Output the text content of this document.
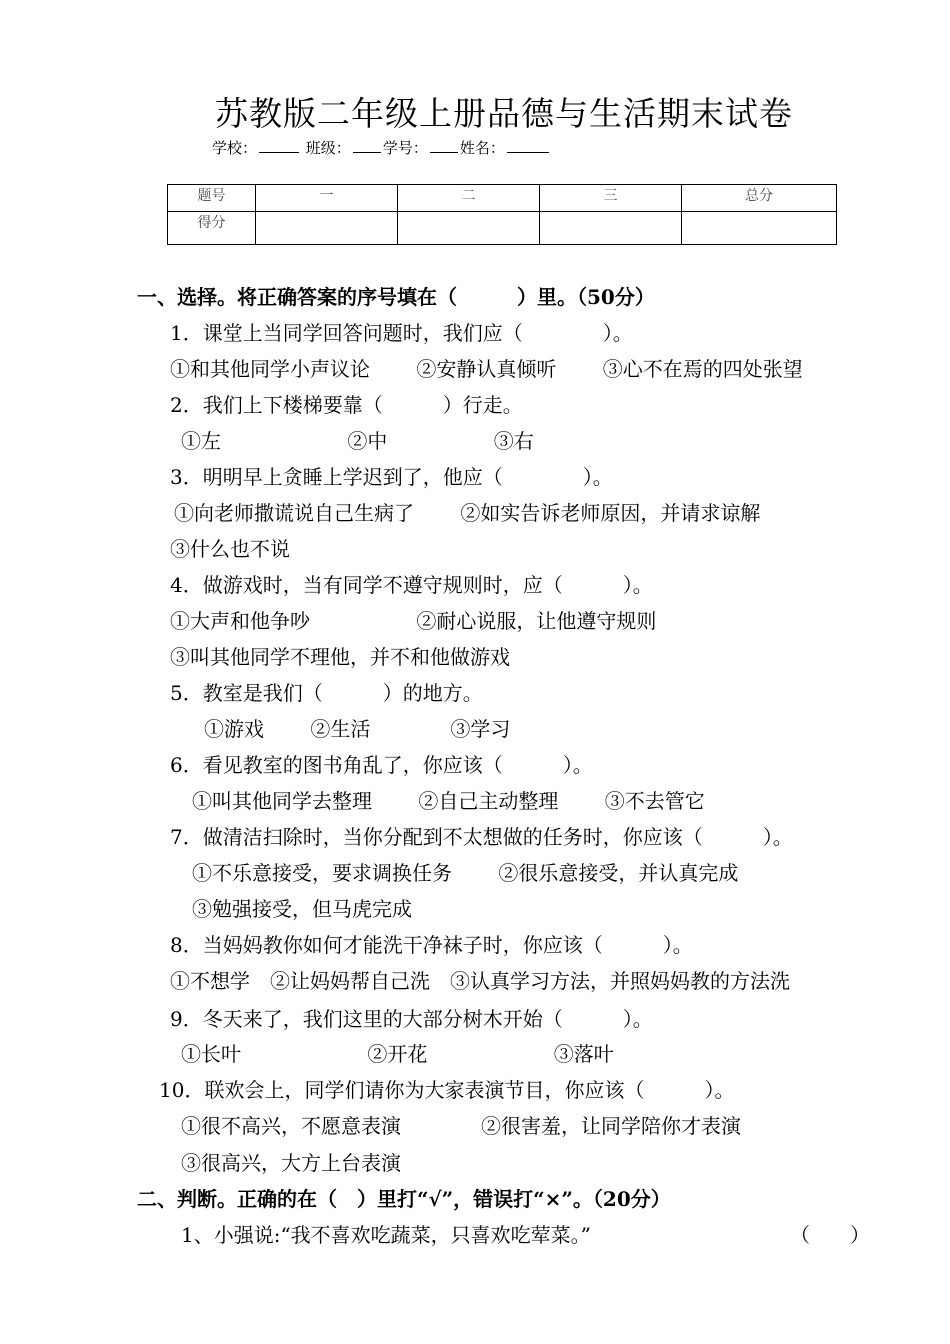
苏教版二年级上册品德与生活期末试卷
学校：	班级： 学号： 姓名：
题号	一	二	三	总分
得分				
一、选择。将正确答案的序号填在（　　　）里。（50分）
1．课堂上当同学回答问题时，我们应（　　　　）。
①和其他同学小声议论　　 ②安静认真倾听　　 ③心不在焉的四处张望
2．我们上下楼梯要靠（　　　）行走。
①左　　　　　　 ②中　　　　　 ③右
3．明明早上贪睡上学迟到了，他应（　　　　）。
①向老师撒谎说自己生病了　　 ②如实告诉老师原因，并请求谅解
③什么也不说
4．做游戏时，当有同学不遵守规则时，应（　　　）。
①大声和他争吵　　　　　 ②耐心说服，让他遵守规则
③叫其他同学不理他，并不和他做游戏
5．教室是我们（　　　）的地方。
①游戏　　 ②生活　　　　③学习
6．看见教室的图书角乱了，你应该（　　　）。
①叫其他同学去整理　　 ②自己主动整理　　 ③不去管它
7．做清洁扫除时，当你分配到不太想做的任务时，你应该（　　　）。
①不乐意接受，要求调换任务　　 ②很乐意接受，并认真完成
③勉强接受，但马虎完成
8．当妈妈教你如何才能洗干净袜子时，你应该（　　　）。
①不想学　②让妈妈帮自己洗　③认真学习方法，并照妈妈教的方法洗
9．冬天来了，我们这里的大部分树木开始（　　　）。
①长叶　　　　　　 ②开花　　　　　　 ③落叶
10．联欢会上，同学们请你为大家表演节目，你应该（　　　）。
①很不高兴，不愿意表演　　　　②很害羞，让同学陪你才表演
③很高兴，大方上台表演
二、判断。正确的在（　）里打“√”，错误打“×”。（20分）
1、小强说:“我不喜欢吃蔬菜，只喜欢吃荤菜。”	（　　）
